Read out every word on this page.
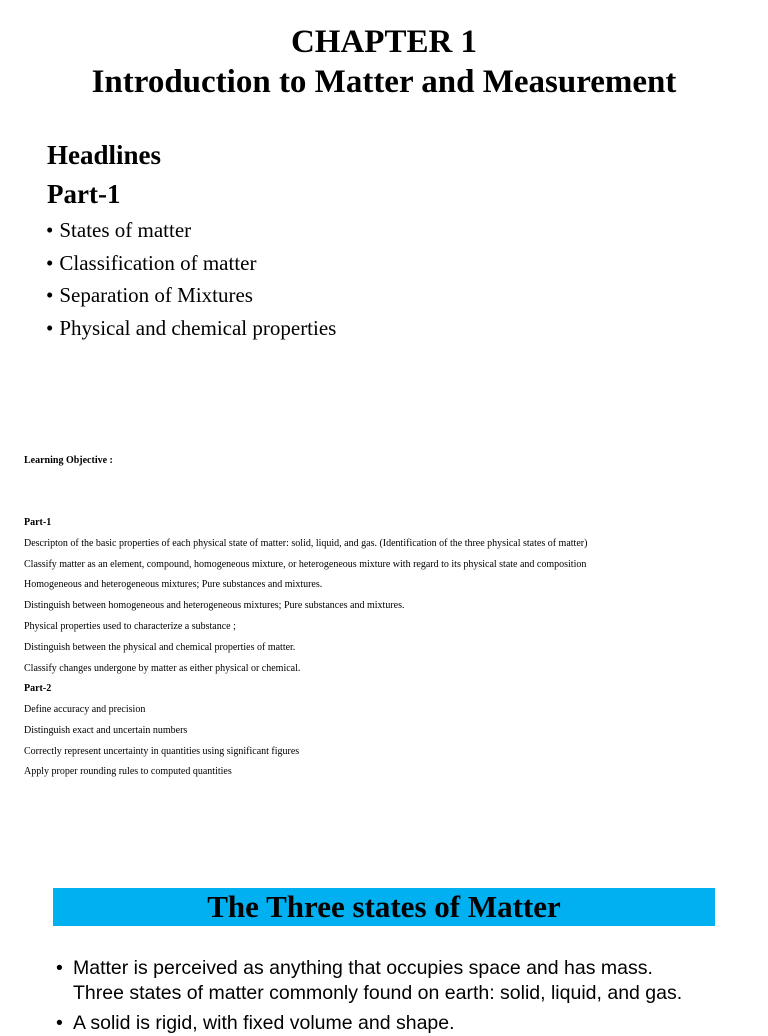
CHAPTER 1
Introduction to Matter and Measurement
Headlines
Part-1
• States of matter
• Classification of matter
• Separation of Mixtures
• Physical and chemical properties
Learning Objective :
Part-1
Descripton of the basic properties of each physical state of matter: solid, liquid, and gas. (Identification of the three physical states of matter)
Classify matter as an element, compound, homogeneous mixture, or heterogeneous mixture with regard to its physical state and composition
Homogeneous and heterogeneous mixtures; Pure substances and mixtures.
Distinguish between homogeneous and heterogeneous mixtures; Pure substances and mixtures.
Physical properties used to characterize a substance ;
Distinguish between the physical and chemical properties of matter.
Classify changes undergone by matter as either physical or chemical.
Part-2
Define accuracy and precision
Distinguish exact and uncertain numbers
Correctly represent uncertainty in quantities using significant figures
Apply proper rounding rules to computed quantities
The Three states of Matter
• Matter is perceived as anything that occupies space and has mass.
Three states of matter commonly found on earth: solid, liquid, and gas.
• A solid is rigid, with fixed volume and shape.
